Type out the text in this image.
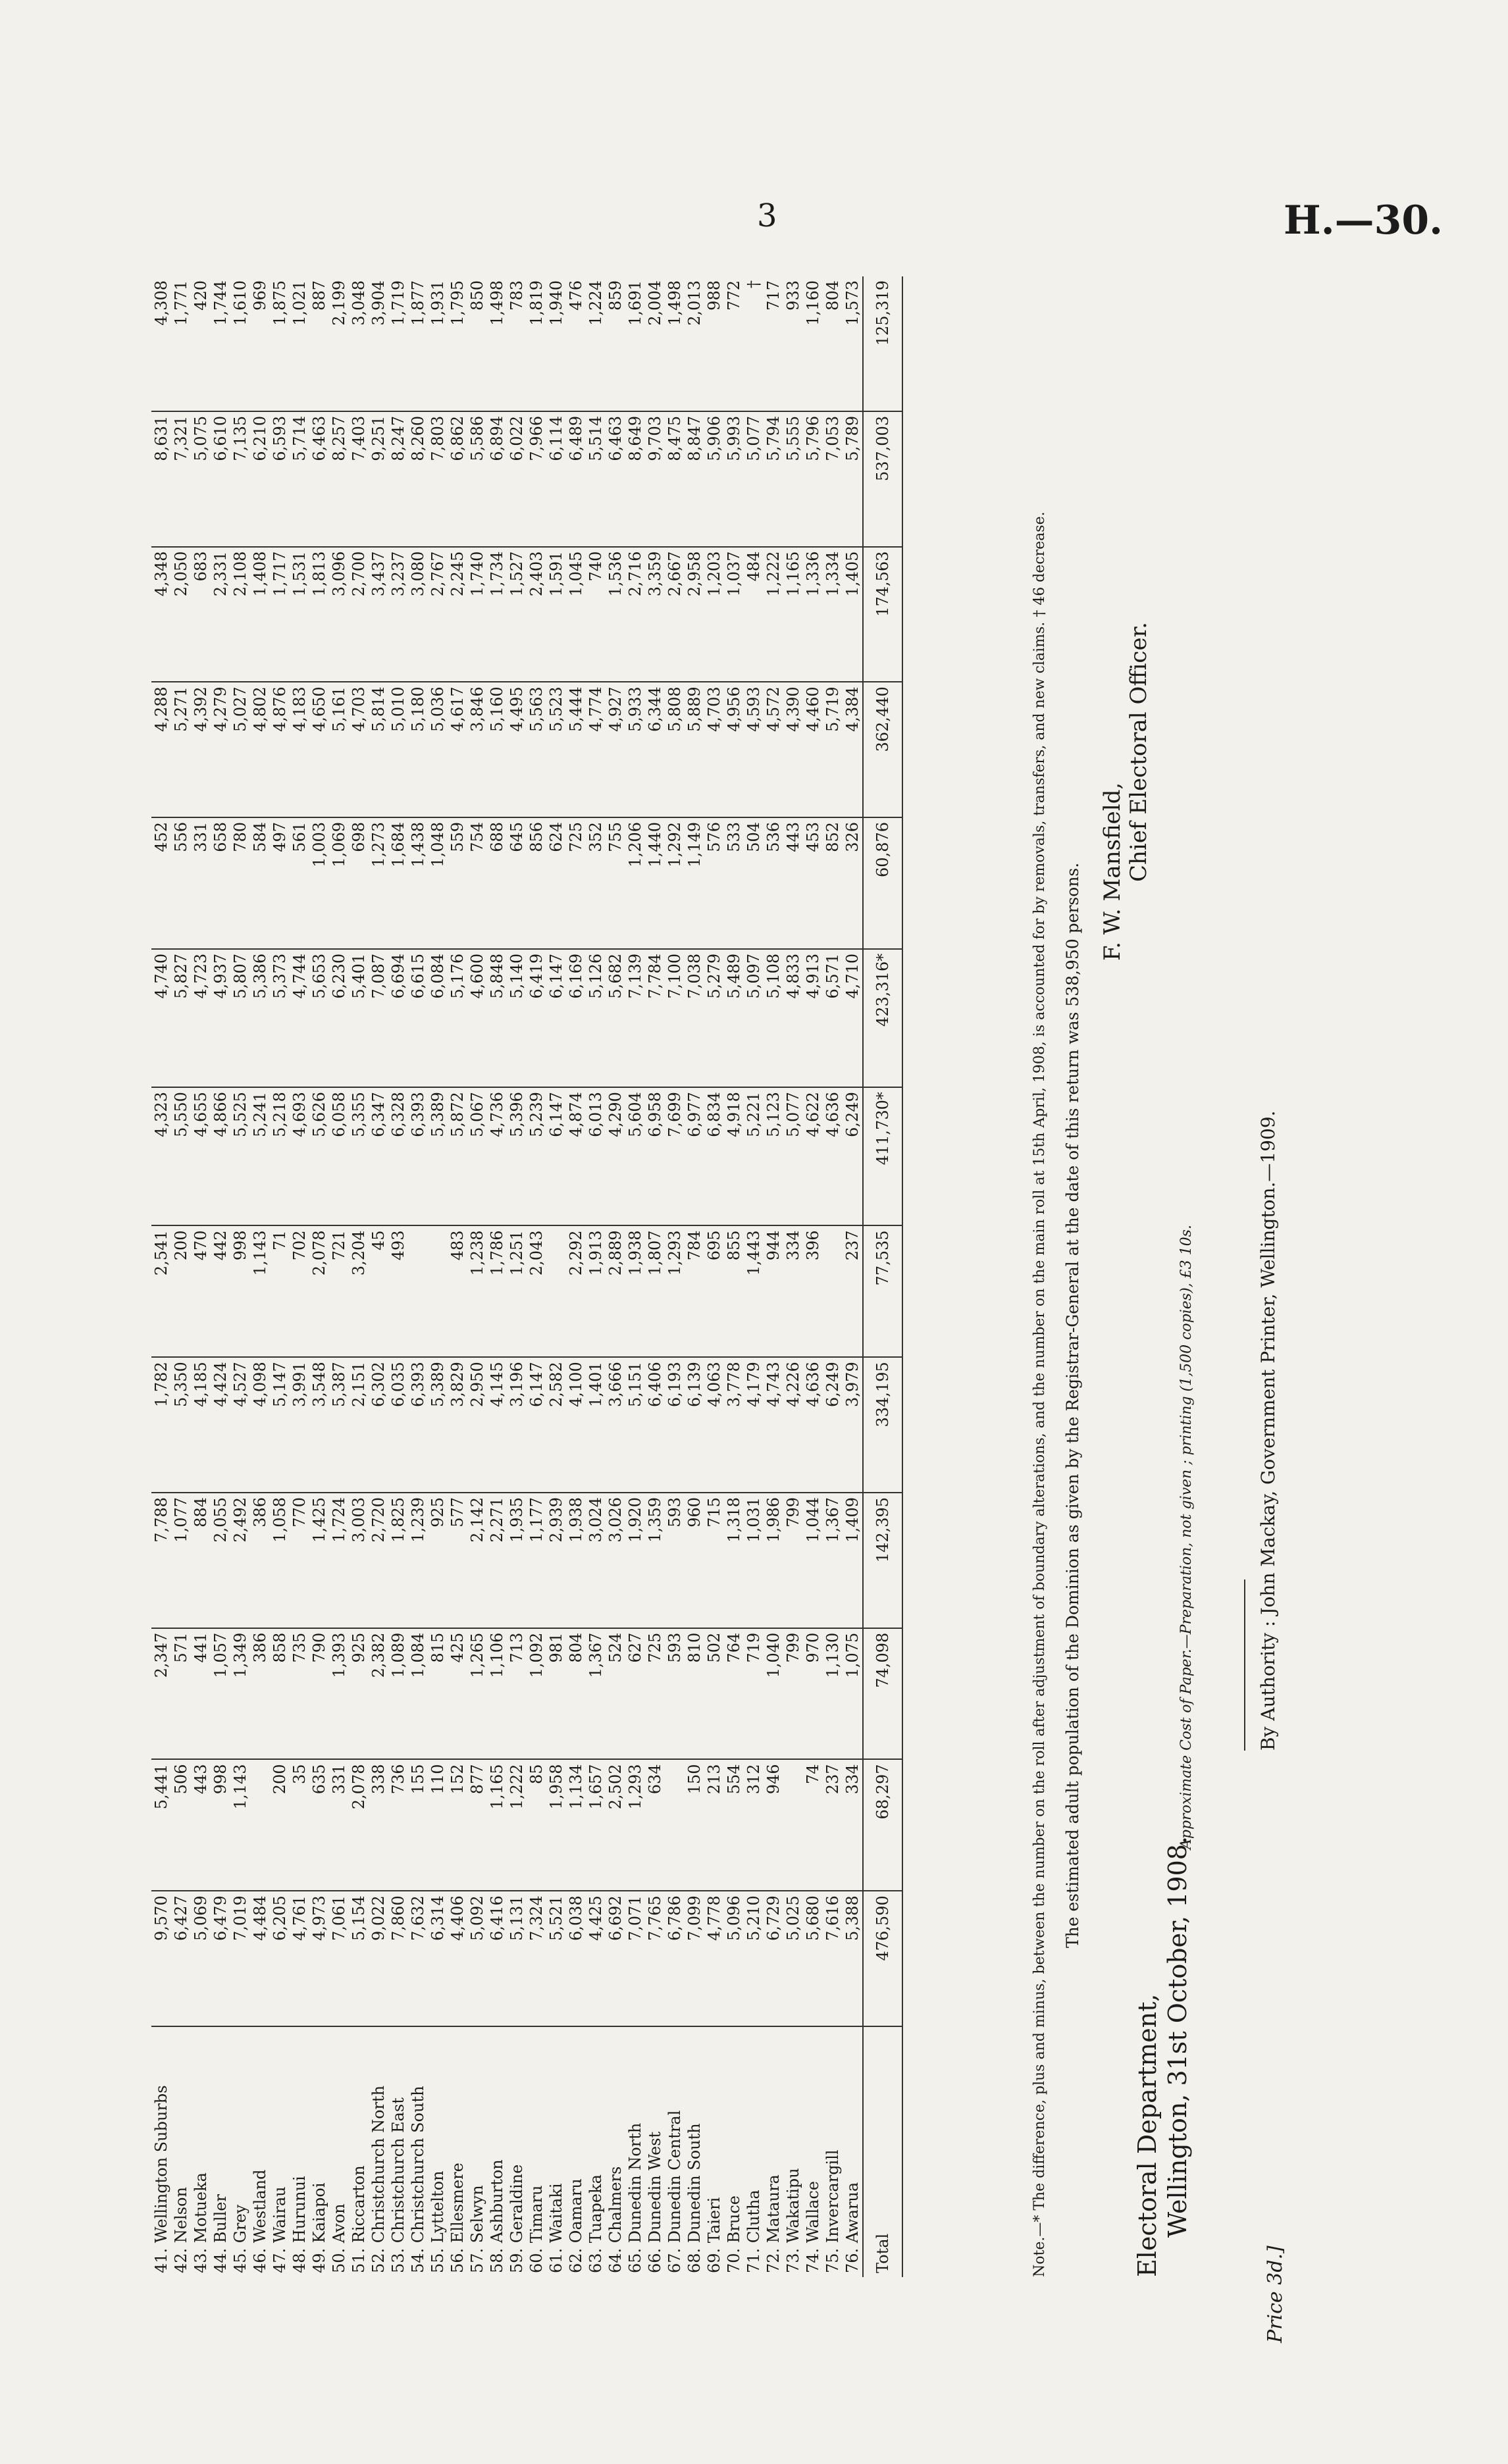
3	H.—30.
41. Wellington Suburbs	9,570	5,441	2,347	7,788	1,782	2,541	4,323	4,740	452	4,288	4,348	8,631	4,308
42. Nelson	6,427	506	571	1,077	5,350	200	5,550	5,827	556	5,271	2,050	7,321	1,771
43. Motueka	5,069	443	441	884	4,185	470	4,655	4,723	331	4,392	683	5,075	420
44. Buller	6,479	998	1,057	2,055	4,424	442	4,866	4,937	658	4,279	2,331	6,610	1,744
45. Grey	7,019	1,143	1,349	2,492	4,527	998	5,525	5,807	780	5,027	2,108	7,135	1,610
46. Westland	4,484		386	386	4,098	1,143	5,241	5,386	584	4,802	1,408	6,210	969
47. Wairau	6,205	200	858	1,058	5,147	71	5,218	5,373	497	4,876	1,717	6,593	1,875
48. Hurunui	4,761	35	735	770	3,991	702	4,693	4,744	561	4,183	1,531	5,714	1,021
49. Kaiapoi	4,973	635	790	1,425	3,548	2,078	5,626	5,653	1,003	4,650	1,813	6,463	887
50. Avon	7,061	331	1,393	1,724	5,387	721	6,058	6,230	1,069	5,161	3,096	8,257	2,199
51. Riccarton	5,154	2,078	925	3,003	2,151	3,204	5,355	5,401	698	4,703	2,700	7,403	3,048
52. Christchurch North	9,022	338	2,382	2,720	6,302	45	6,347	7,087	1,273	5,814	3,437	9,251	3,904
53. Christchurch East	7,860	736	1,089	1,825	6,035	493	6,328	6,694	1,684	5,010	3,237	8,247	1,719
54. Christchurch South	7,632	155	1,084	1,239	6,393		6,393	6,615	1,438	5,180	3,080	8,260	1,877
55. Lyttelton	6,314	110	815	925	5,389		5,389	6,084	1,048	5,036	2,767	7,803	1,931
56. Ellesmere	4,406	152	425	577	3,829	483	5,872	5,176	559	4,617	2,245	6,862	1,795
57. Selwyn	5,092	877	1,265	2,142	2,950	1,238	5,067	4,600	754	3,846	1,740	5,586	850
58. Ashburton	6,416	1,165	1,106	2,271	4,145	1,786	4,736	5,848	688	5,160	1,734	6,894	1,498
59. Geraldine	5,131	1,222	713	1,935	3,196	1,251	5,396	5,140	645	4,495	1,527	6,022	783
60. Timaru	7,324	85	1,092	1,177	6,147	2,043	5,239	6,419	856	5,563	2,403	7,966	1,819
61. Waitaki	5,521	1,958	981	2,939	2,582		6,147	6,147	624	5,523	1,591	6,114	1,940
62. Oamaru	6,038	1,134	804	1,938	4,100	2,292	4,874	6,169	725	5,444	1,045	6,489	476
63. Tuapeka	4,425	1,657	1,367	3,024	1,401	1,913	6,013	5,126	352	4,774	740	5,514	1,224
64. Chalmers	6,692	2,502	524	3,026	3,666	2,889	4,290	5,682	755	4,927	1,536	6,463	859
65. Dunedin North	7,071	1,293	627	1,920	5,151	1,938	5,604	7,139	1,206	5,933	2,716	8,649	1,691
66. Dunedin West	7,765	634	725	1,359	6,406	1,807	6,958	7,784	1,440	6,344	3,359	9,703	2,004
67. Dunedin Central	6,786		593	593	6,193	1,293	7,699	7,100	1,292	5,808	2,667	8,475	1,498
68. Dunedin South	7,099	150	810	960	6,139	784	6,977	7,038	1,149	5,889	2,958	8,847	2,013
69. Taieri	4,778	213	502	715	4,063	695	6,834	5,279	576	4,703	1,203	5,906	988
70. Bruce	5,096	554	764	1,318	3,778	855	4,918	5,489	533	4,956	1,037	5,993	772
71. Clutha	5,210	312	719	1,031	4,179	1,443	5,221	5,097	504	4,593	484	5,077	†
72. Mataura	6,729	946	1,040	1,986	4,743	944	5,123	5,108	536	4,572	1,222	5,794	717
73. Wakatipu	5,025		799	799	4,226	334	5,077	4,833	443	4,390	1,165	5,555	933
74. Wallace	5,680	74	970	1,044	4,636	396	4,622	4,913	453	4,460	1,336	5,796	1,160
75. Invercargill	7,616	237	1,130	1,367	6,249		4,636	6,571	852	5,719	1,334	7,053	804
76. Awarua	5,388	334	1,075	1,409	3,979	237	6,249	4,710	326	4,384	1,405	5,789	1,573
Total	476,590	68,297	74,098	142,395	334,195	77,535	411,730*	423,316*	60,876	362,440	174,563	537,003	125,319
Note.—* The difference, plus and minus, between the number on the roll after adjustment of boundary alterations, and the number on the main roll at 15th April, 1908, is accounted for by removals, transfers, and new claims. † 46 decrease. The estimated adult population of the Dominion as given by the Registrar-General at the date of this return was 538,950 persons.
Electoral Department, Wellington, 31st October, 1908.
F. W. Mansfield, Chief Electoral Officer.
Approximate Cost of Paper.—Preparation, not given ; printing (1,500 copies), £3 10s.	By Authority : John Mackay, Government Printer, Wellington.—1909.
Price 3d.]
